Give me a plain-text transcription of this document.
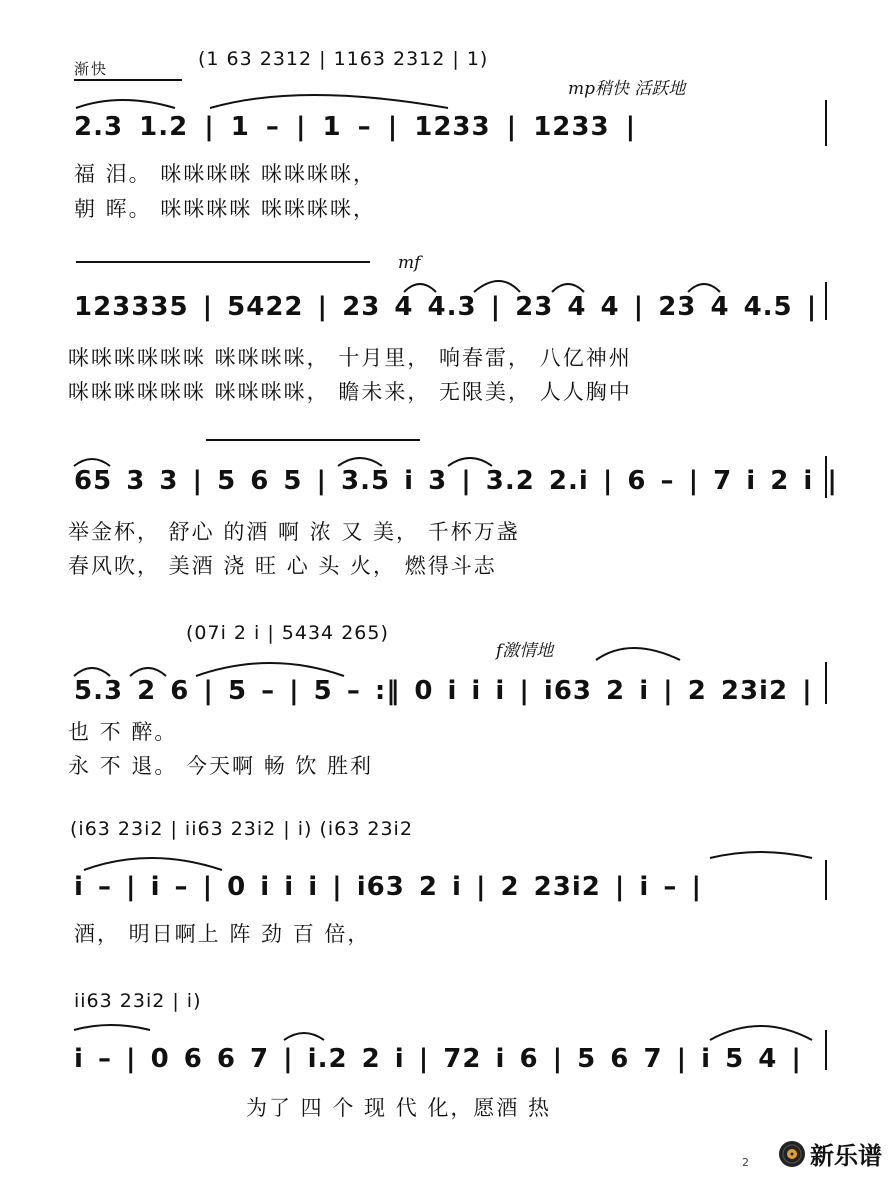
(1 63 2312 | 1163 2312 | 1)
渐快
mp稍快 活跃地
2.3 1.2 | 1 – | 1 – | 1233 | 1233 |
福 泪。 咪咪咪咪 咪咪咪咪，
朝 晖。 咪咪咪咪 咪咪咪咪，
mf
123335 | 5422 | 23 4 4.3 | 23 4 4 | 23 4 4.5 |
咪咪咪咪咪咪 咪咪咪咪， 十月里， 响春雷， 八亿神州
咪咪咪咪咪咪 咪咪咪咪， 瞻未来， 无限美， 人人胸中
65 3 3 | 5 6 5 | 3.5 i 3 | 3.2 2.i | 6 – | 7 i 2 i |
举金杯， 舒心 的酒 啊 浓 又 美， 千杯万盏
春风吹， 美酒 浇 旺 心 头 火， 燃得斗志
(07i 2 i | 5434 265)
f激情地
5.3 2 6 | 5 – | 5 – :‖ 0 i i i | i63 2 i | 2 23i2 |
也 不 醉。
永 不 退。 今天啊 畅 饮 胜利
(i63 23i2 | ii63 23i2 | i) (i63 23i2
i – | i – | 0 i i i | i63 2 i | 2 23i2 | i – |
酒， 明日啊上 阵 劲 百 倍，
ii63 23i2 | i)
i – | 0 6 6 7 | i.2 2 i | 72 i 6 | 5 6 7 | i 5 4 |
为了 四 个 现 代 化，愿酒 热
2	新乐谱
